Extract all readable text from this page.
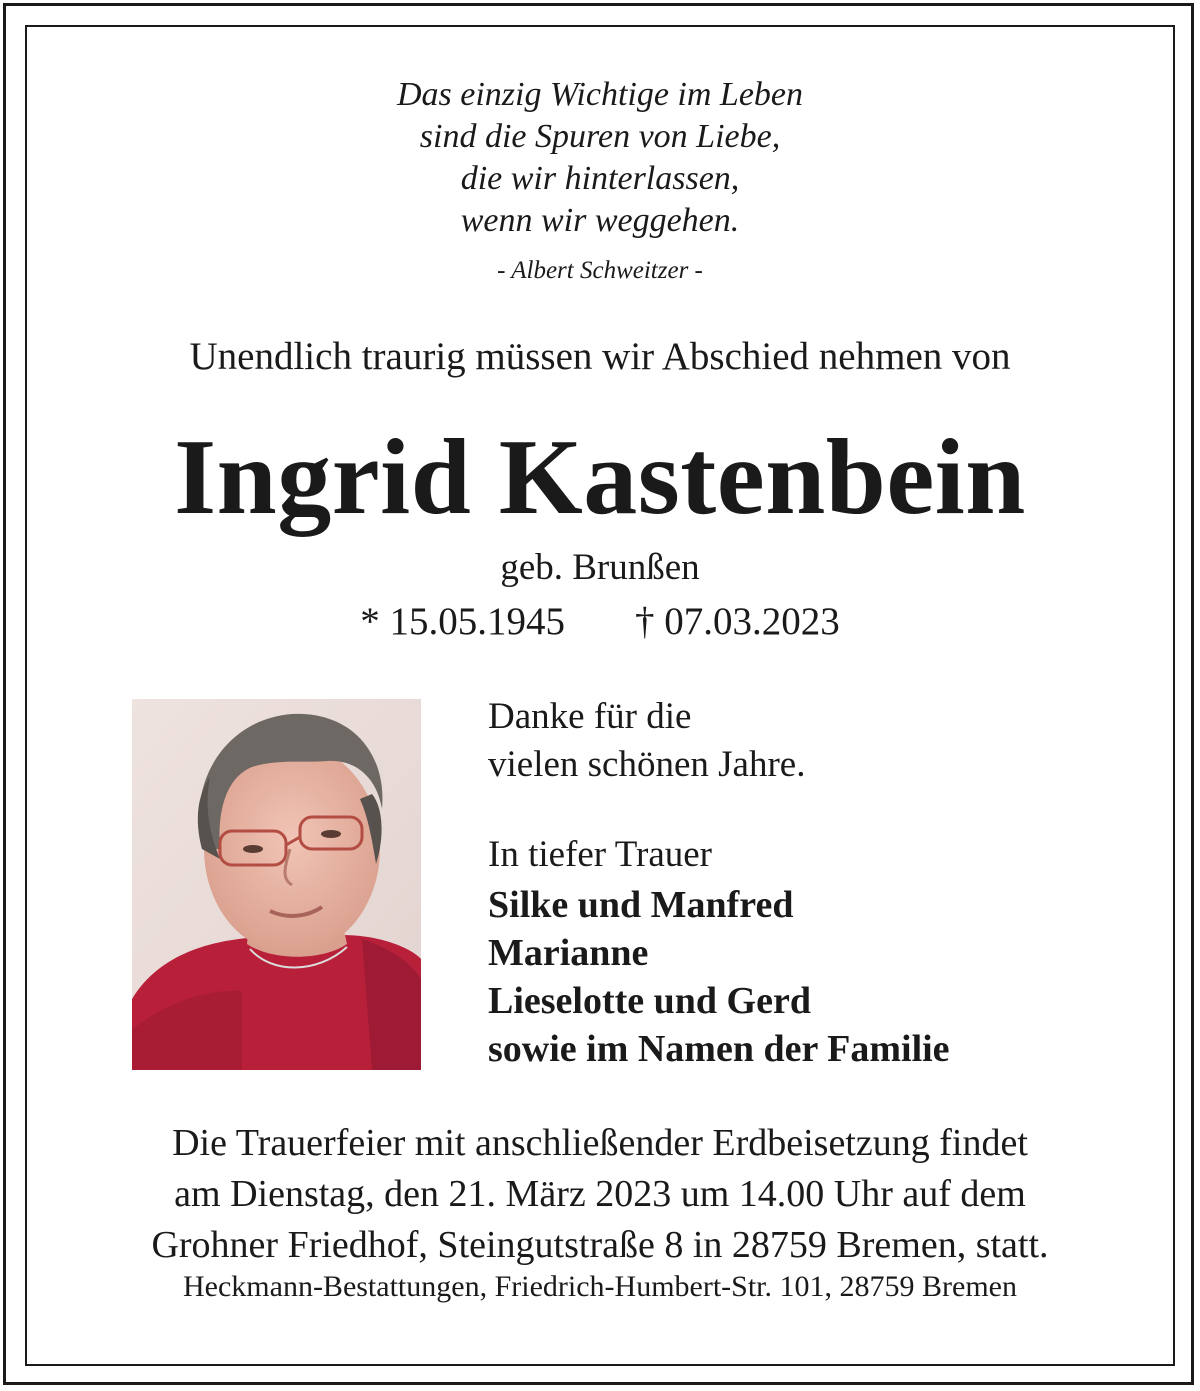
Das einzig Wichtige im Leben
sind die Spuren von Liebe,
die wir hinterlassen,
wenn wir weggehen.
- Albert Schweitzer -
Unendlich traurig müssen wir Abschied nehmen von
Ingrid Kastenbein
geb. Brunßen
* 15.05.1945 † 07.03.2023
Danke für die
vielen schönen Jahre.
In tiefer Trauer
Silke und Manfred
Marianne
Lieselotte und Gerd
sowie im Namen der Familie
Die Trauerfeier mit anschließender Erdbeisetzung findet
am Dienstag, den 21. März 2023 um 14.00 Uhr auf dem
Grohner Friedhof, Steingutstraße 8 in 28759 Bremen, statt.
Heckmann-Bestattungen, Friedrich-Humbert-Str. 101, 28759 Bremen
